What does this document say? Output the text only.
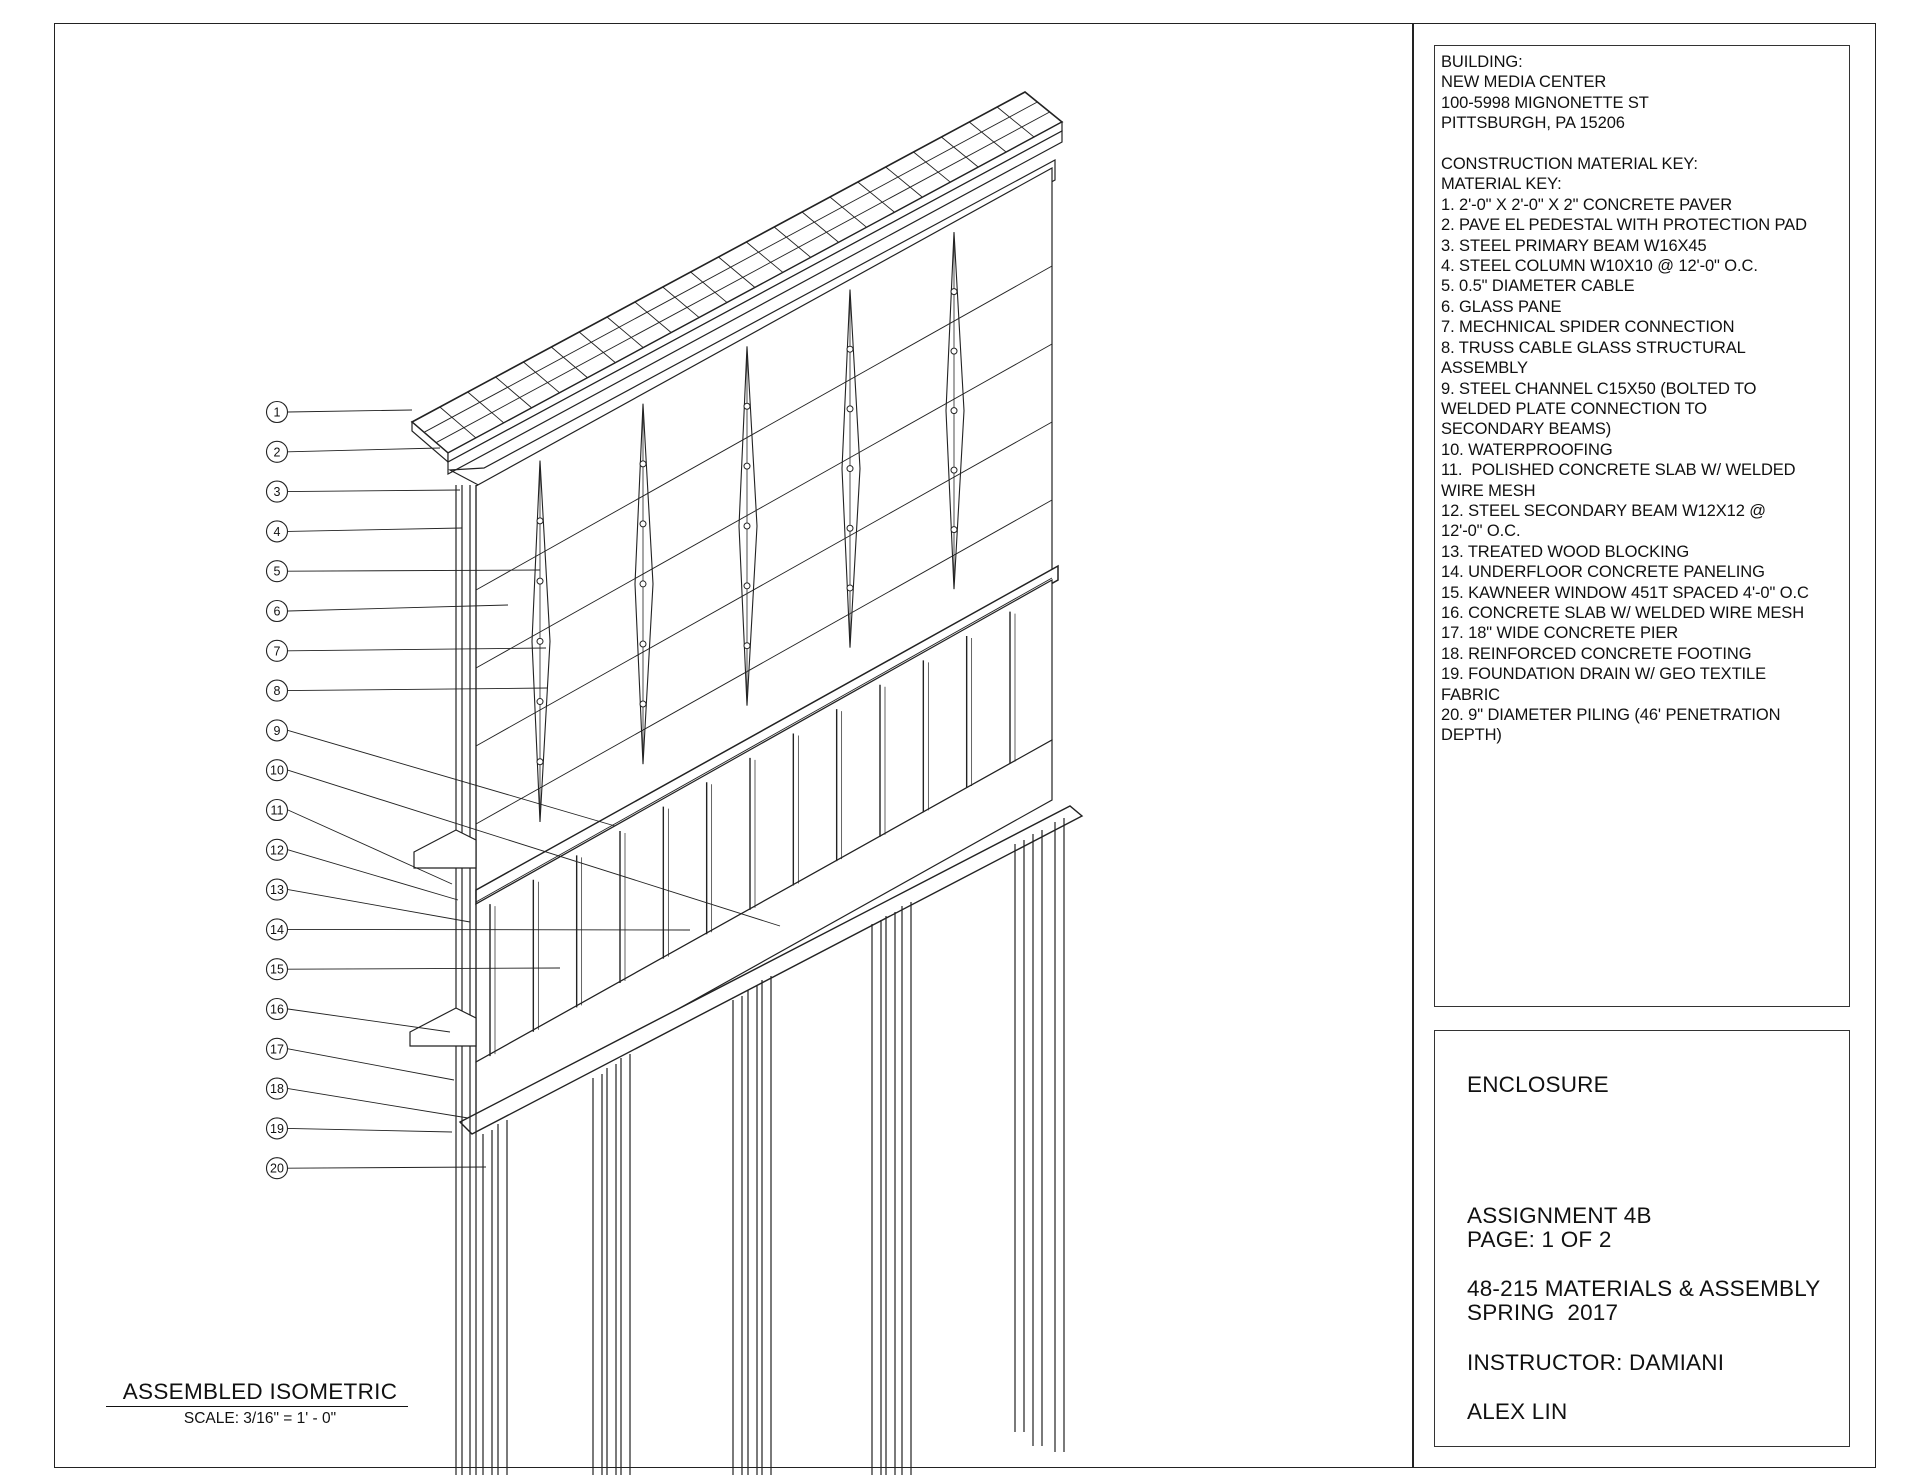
1
2
3
4
5
6
7
8
9
10
11
12
13
14
15
16
17
18
19
20
BUILDING:
NEW MEDIA CENTER
100-5998 MIGNONETTE ST
PITTSBURGH, PA 15206

CONSTRUCTION MATERIAL KEY:
MATERIAL KEY:
1. 2'-0" X 2'-0" X 2" CONCRETE PAVER
2. PAVE EL PEDESTAL WITH PROTECTION PAD
3. STEEL PRIMARY BEAM W16X45
4. STEEL COLUMN W10X10 @ 12'-0" O.C.
5. 0.5" DIAMETER CABLE
6. GLASS PANE
7. MECHNICAL SPIDER CONNECTION
8. TRUSS CABLE GLASS STRUCTURAL
ASSEMBLY
9. STEEL CHANNEL C15X50 (BOLTED TO
WELDED PLATE CONNECTION TO
SECONDARY BEAMS)
10. WATERPROOFING
11.  POLISHED CONCRETE SLAB W/ WELDED
WIRE MESH
12. STEEL SECONDARY BEAM W12X12 @
12'-0" O.C.
13. TREATED WOOD BLOCKING
14. UNDERFLOOR CONCRETE PANELING
15. KAWNEER WINDOW 451T SPACED 4'-0" O.C
16. CONCRETE SLAB W/ WELDED WIRE MESH
17. 18" WIDE CONCRETE PIER
18. REINFORCED CONCRETE FOOTING
19. FOUNDATION DRAIN W/ GEO TEXTILE
FABRIC
20. 9" DIAMETER PILING (46' PENETRATION
DEPTH)
ENCLOSURE
ASSIGNMENT 4B
PAGE: 1 OF 2
48-215 MATERIALS & ASSEMBLY
SPRING  2017
INSTRUCTOR: DAMIANI
ALEX LIN
ASSEMBLED ISOMETRIC
SCALE: 3/16" = 1' - 0"
